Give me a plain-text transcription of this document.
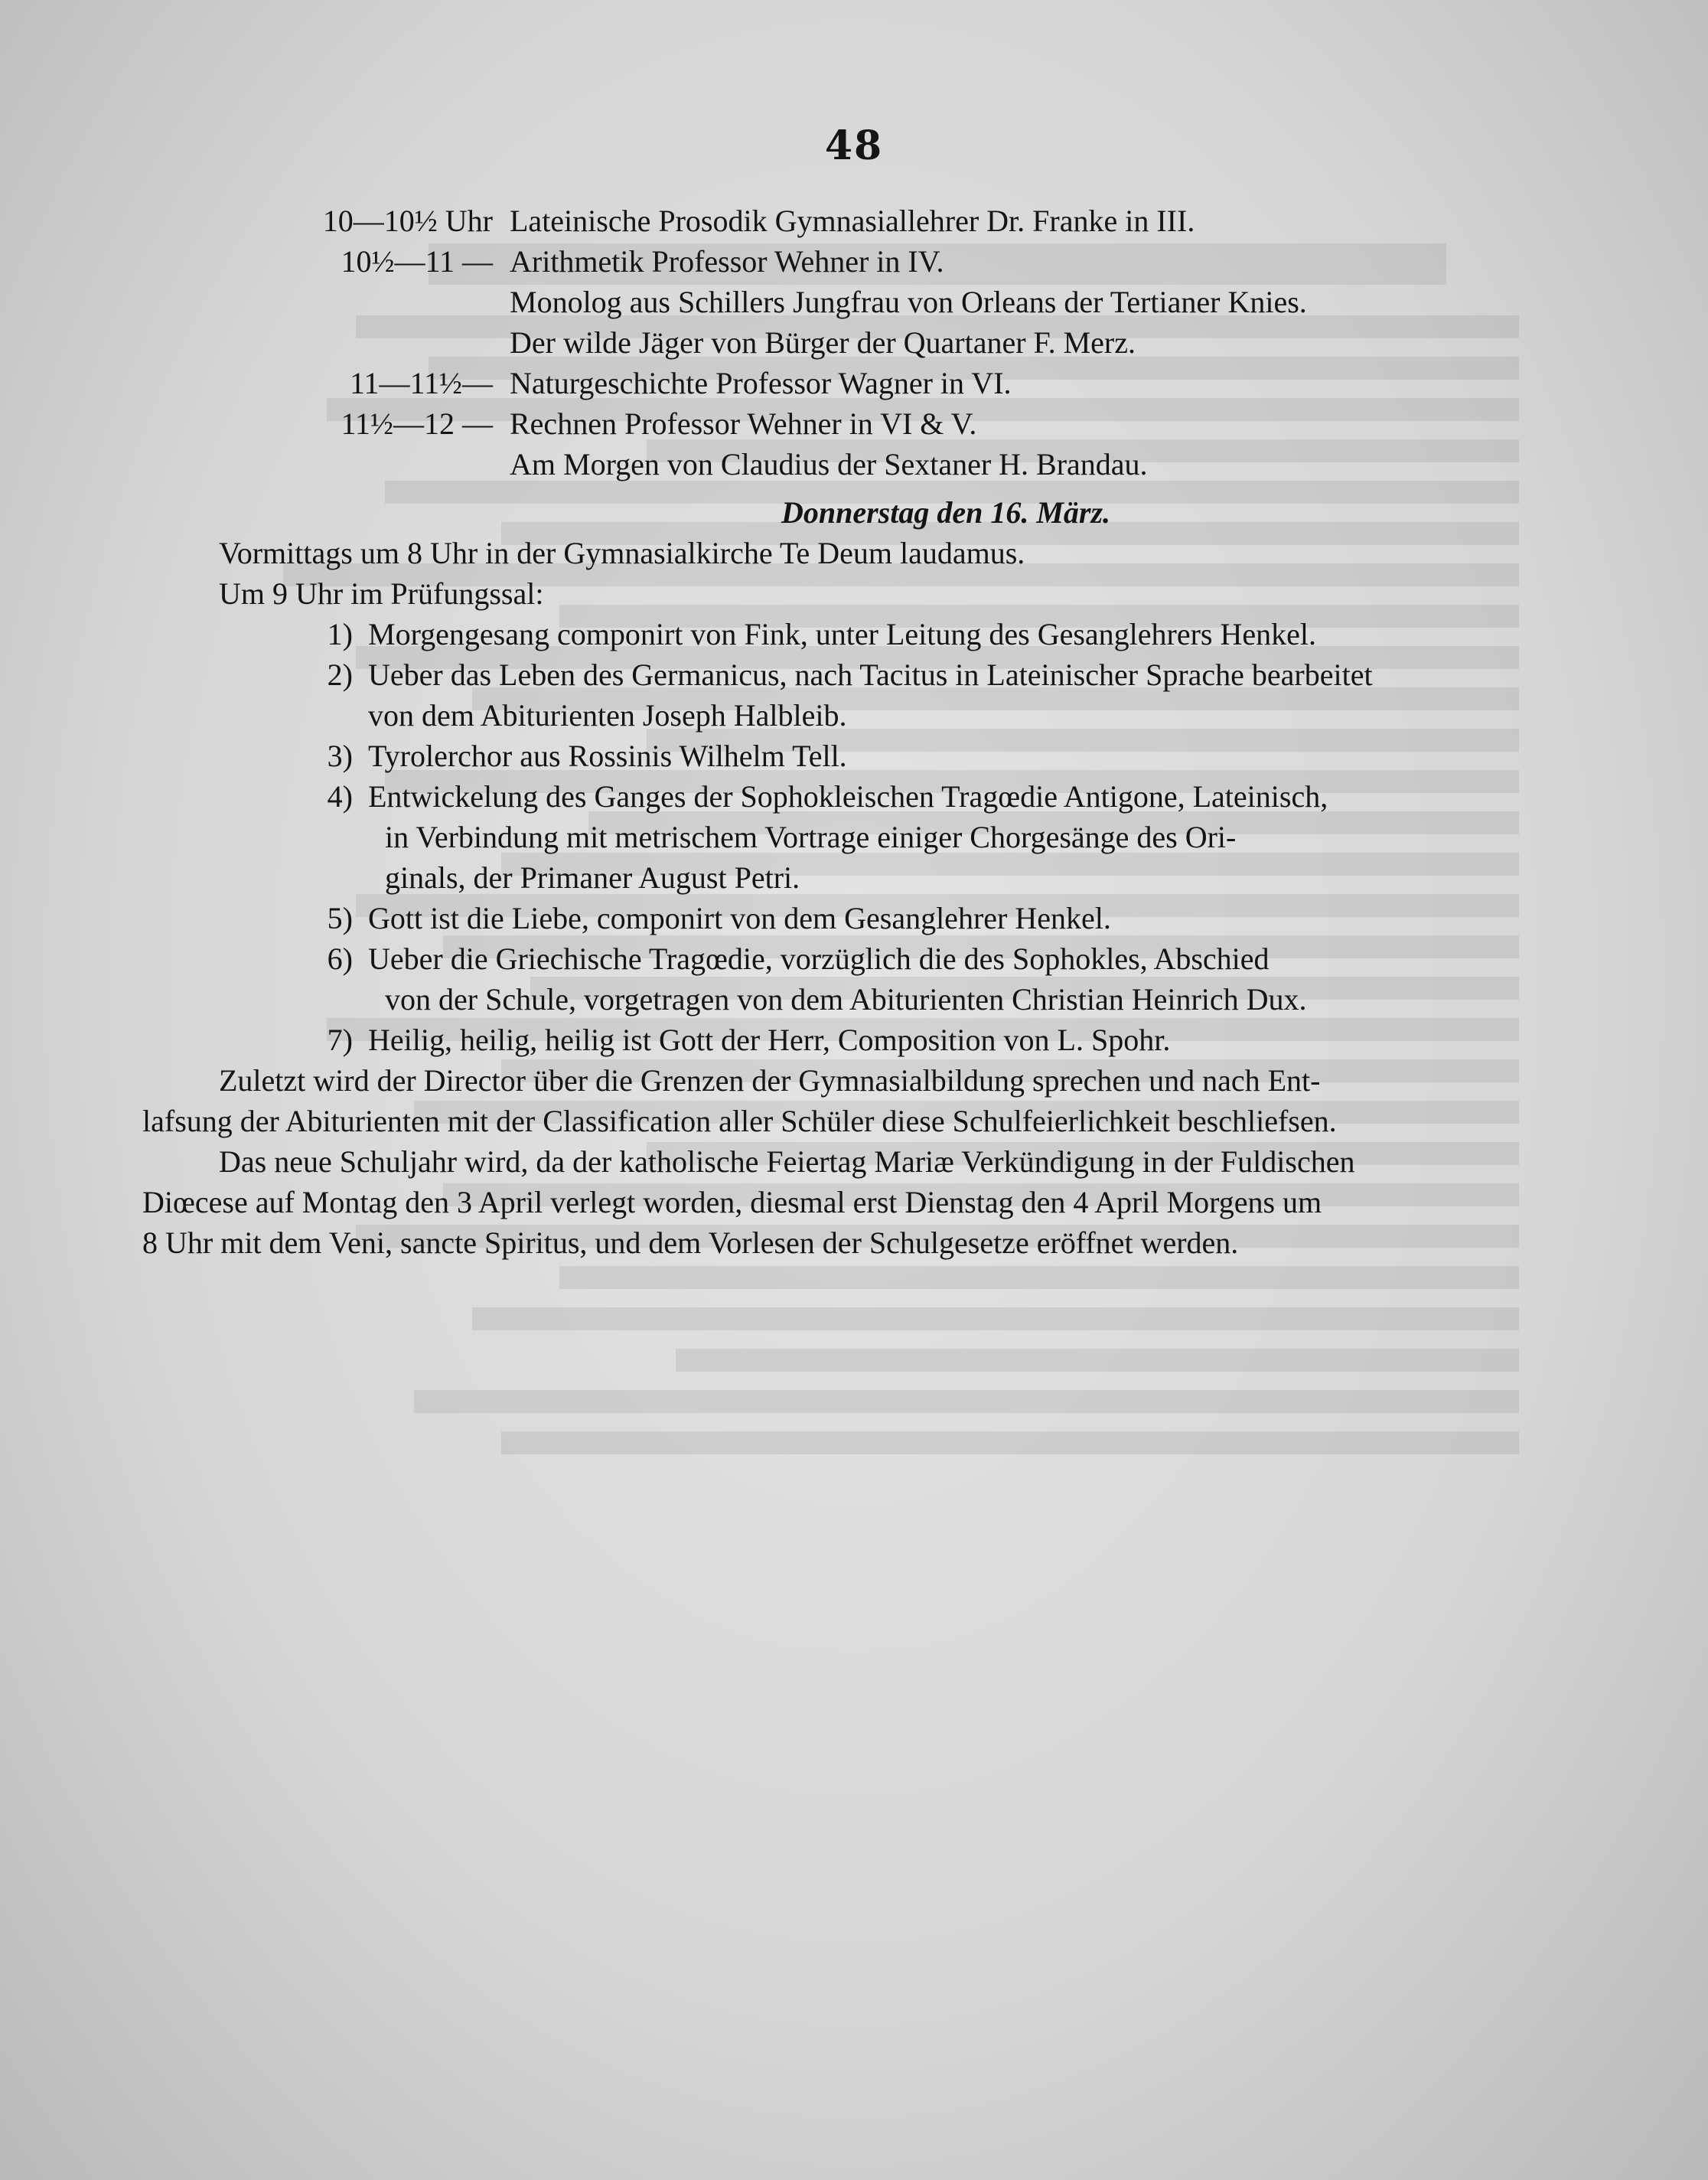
48
10—10½ Uhr Lateinische Prosodik Gymnasiallehrer Dr. Franke in III.
10½—11 — Arithmetik Professor Wehner in IV.
Monolog aus Schillers Jungfrau von Orleans der Tertianer Knies.
Der wilde Jäger von Bürger der Quartaner F. Merz.
11—11½— Naturgeschichte Professor Wagner in VI.
11½—12 — Rechnen Professor Wehner in VI & V.
Am Morgen von Claudius der Sextaner H. Brandau.
Donnerstag den 16. März.
Vormittags um 8 Uhr in der Gymnasialkirche Te Deum laudamus.
Um 9 Uhr im Prüfungssal:
1) Morgengesang componirt von Fink, unter Leitung des Gesanglehrers Henkel.
2) Ueber das Leben des Germanicus, nach Tacitus in Lateinischer Sprache bearbeitet
von dem Abiturienten Joseph Halbleib.
3) Tyrolerchor aus Rossinis Wilhelm Tell.
4) Entwickelung des Ganges der Sophokleischen Tragœdie Antigone, Lateinisch,
in Verbindung mit metrischem Vortrage einiger Chorgesänge des Ori-
ginals, der Primaner August Petri.
5) Gott ist die Liebe, componirt von dem Gesanglehrer Henkel.
6) Ueber die Griechische Tragœdie, vorzüglich die des Sophokles, Abschied
von der Schule, vorgetragen von dem Abiturienten Christian Heinrich Dux.
7) Heilig, heilig, heilig ist Gott der Herr, Composition von L. Spohr.
Zuletzt wird der Director über die Grenzen der Gymnasialbildung sprechen und nach Ent-
lafsung der Abiturienten mit der Classification aller Schüler diese Schulfeierlichkeit beschliefsen.
Das neue Schuljahr wird, da der katholische Feiertag Mariæ Verkündigung in der Fuldischen
Diœcese auf Montag den 3 April verlegt worden, diesmal erst Dienstag den 4 April Morgens um
8 Uhr mit dem Veni, sancte Spiritus, und dem Vorlesen der Schulgesetze eröffnet werden.
